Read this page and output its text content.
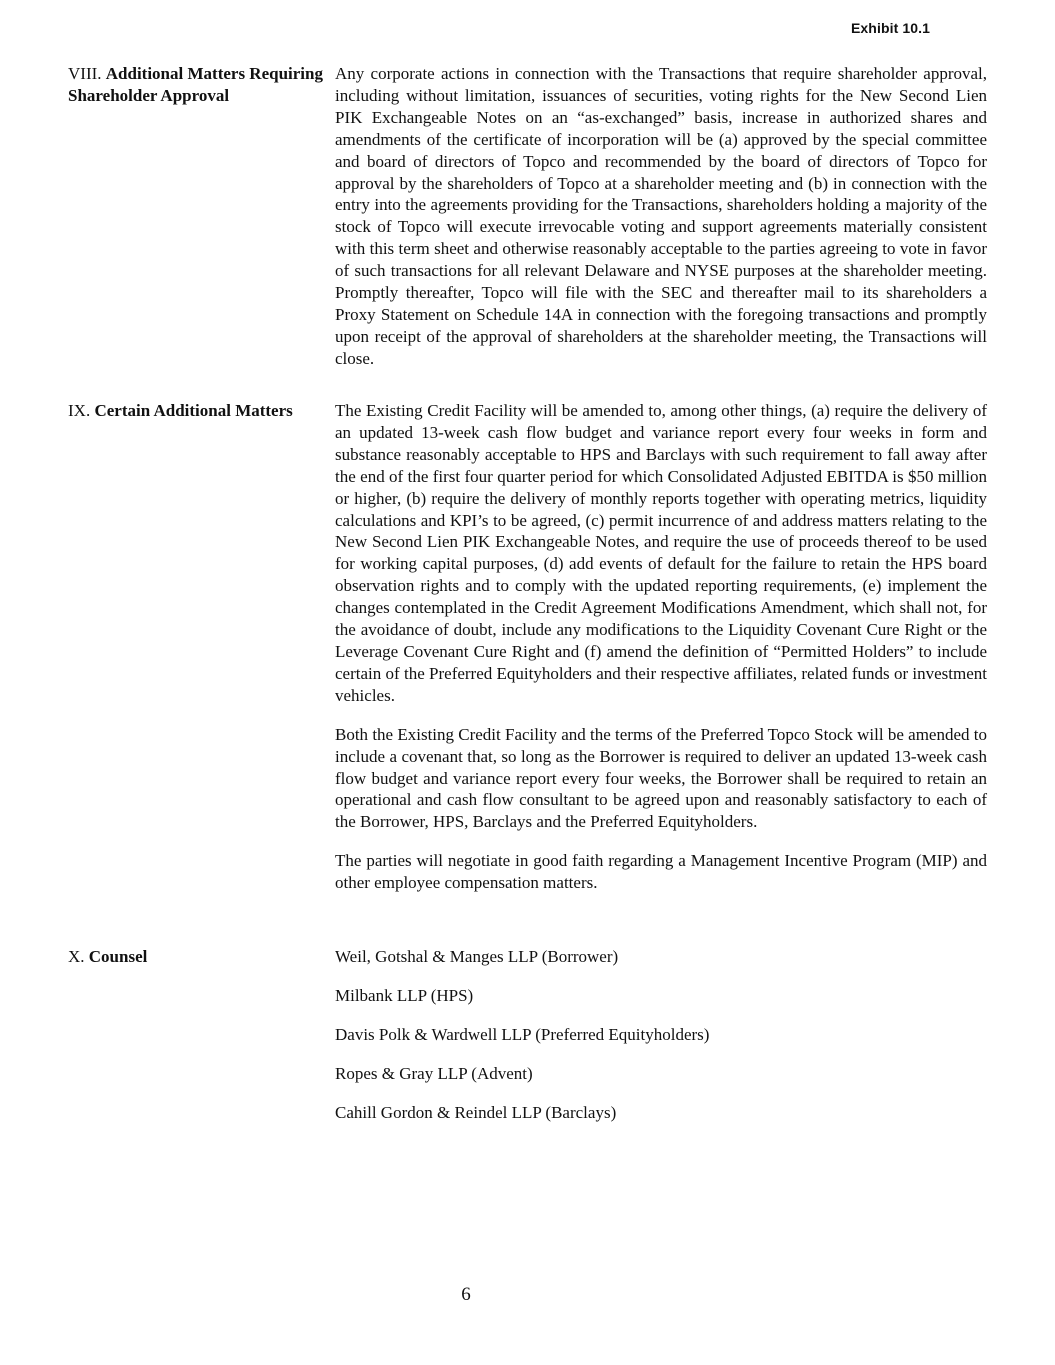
Exhibit 10.1
VIII. Additional Matters Requiring Shareholder Approval

Any corporate actions in connection with the Transactions that require shareholder approval, including without limitation, issuances of securities, voting rights for the New Second Lien PIK Exchangeable Notes on an “as-exchanged” basis, increase in authorized shares and amendments of the certificate of incorporation will be (a) approved by the special committee and board of directors of Topco and recommended by the board of directors of Topco for approval by the shareholders of Topco at a shareholder meeting and (b) in connection with the entry into the agreements providing for the Transactions, shareholders holding a majority of the stock of Topco will execute irrevocable voting and support agreements materially consistent with this term sheet and otherwise reasonably acceptable to the parties agreeing to vote in favor of such transactions for all relevant Delaware and NYSE purposes at the shareholder meeting. Promptly thereafter, Topco will file with the SEC and thereafter mail to its shareholders a Proxy Statement on Schedule 14A in connection with the foregoing transactions and promptly upon receipt of the approval of shareholders at the shareholder meeting, the Transactions will close.

IX. Certain Additional Matters	The Existing Credit Facility will be amended to, among other things, (a) require the delivery of an updated 13-week cash flow budget and variance report every four weeks in form and substance reasonably acceptable to HPS and Barclays with such requirement to fall away after the end of the first four quarter period for which Consolidated Adjusted EBITDA is $50 million or higher, (b) require the delivery of monthly reports together with operating metrics, liquidity calculations and KPI’s to be agreed, (c) permit incurrence of and address matters relating to the New Second Lien PIK Exchangeable Notes, and require the use of proceeds thereof to be used for working capital purposes, (d) add events of default for the failure to retain the HPS board observation rights and to comply with the updated reporting requirements, (e) implement the changes contemplated in the Credit Agreement Modifications Amendment, which shall not, for the avoidance of doubt, include any modifications to the Liquidity Covenant Cure Right or the Leverage Covenant Cure Right and (f) amend the definition of “Permitted Holders” to include certain of the Preferred Equityholders and their respective affiliates, related funds or investment vehicles.

Both the Existing Credit Facility and the terms of the Preferred Topco Stock will be amended to include a covenant that, so long as the Borrower is required to deliver an updated 13-week cash flow budget and variance report every four weeks, the Borrower shall be required to retain an operational and cash flow consultant to be agreed upon and reasonably satisfactory to each of the Borrower, HPS, Barclays and the Preferred Equityholders.

The parties will negotiate in good faith regarding a Management Incentive Program (MIP) and other employee compensation matters.

X. Counsel	Weil, Gotshal & Manges LLP (Borrower)

Milbank LLP (HPS)

Davis Polk & Wardwell LLP (Preferred Equityholders)

Ropes & Gray LLP (Advent)

Cahill Gordon & Reindel LLP (Barclays)

6
